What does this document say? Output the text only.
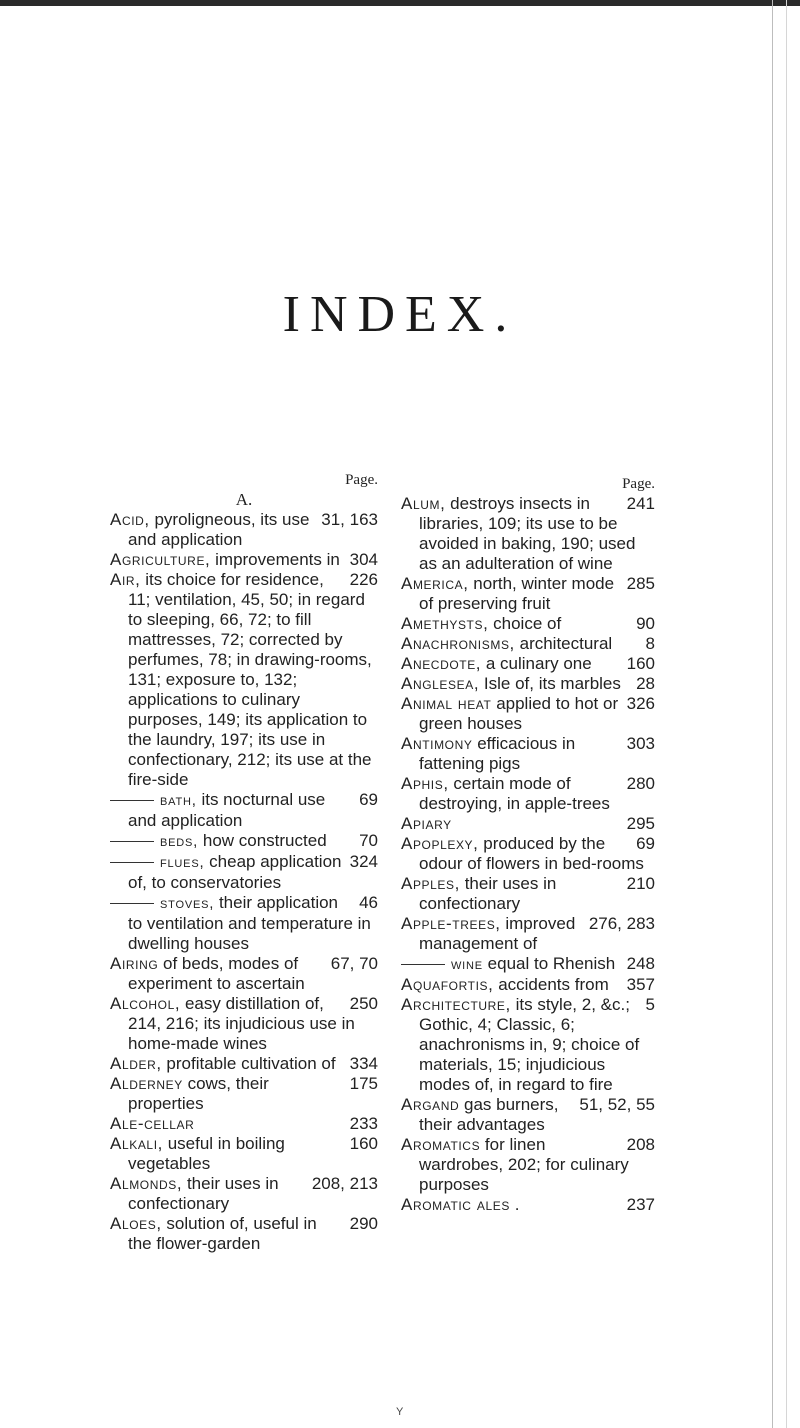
INDEX.
Page.
A.

31, 163
Acid, pyroligneous, its use and application

304
Agriculture, improvements in

226
Air, its choice for residence, 11; ventilation, 45, 50; in regard to sleeping, 66, 72; to fill mattresses, 72; corrected by perfumes, 78; in drawing-rooms, 131; exposure to, 132; applications to culinary purposes, 149; its application to the laundry, 197; its use in confectionary, 212; its use at the fire-side

69
bath, its nocturnal use and application

70
beds, how constructed

324
flues, cheap application of, to conservatories

46
stoves, their application to ventilation and temperature in dwelling houses

67, 70
Airing of beds, modes of experiment to ascertain

250
Alcohol, easy distillation of, 214, 216; its injudicious use in home-made wines

334
Alder, profitable cultivation of

175
Alderney cows, their properties

233
Ale-cellar

160
Alkali, useful in boiling vegetables

208, 213
Almonds, their uses in confectionary

290
Aloes, solution of, useful in the flower-garden

Page.

241
Alum, destroys insects in libraries, 109; its use to be avoided in baking, 190; used as an adulteration of wine

285
America, north, winter mode of preserving fruit

90
Amethysts, choice of

8
Anachronisms, architectural

160
Anecdote, a culinary one

28
Anglesea, Isle of, its marbles

326
Animal heat applied to hot or green houses

303
Antimony efficacious in fattening pigs

280
Aphis, certain mode of destroying, in apple-trees

295
Apiary

69
Apoplexy, produced by the odour of flowers in bed-rooms

210
Apples, their uses in confectionary

276, 283
Apple-trees, improved management of

248
wine equal to Rhenish

357
Aquafortis, accidents from

5
Architecture, its style, 2, &c.; Gothic, 4; Classic, 6; anachronisms in, 9; choice of materials, 15; injudicious modes of, in regard to fire

51, 52, 55
Argand gas burners, their advantages

208
Aromatics for linen wardrobes, 202; for culinary purposes

237
Aromatic ales .

Y
